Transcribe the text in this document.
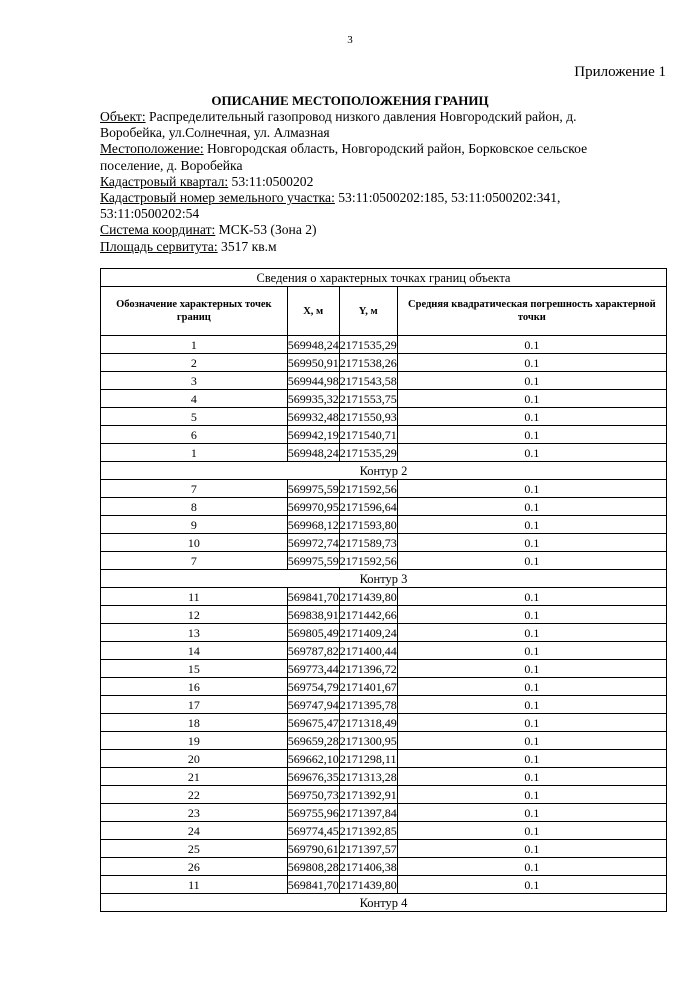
3
Приложение 1
ОПИСАНИЕ МЕСТОПОЛОЖЕНИЯ ГРАНИЦ
Объект: Распределительный газопровод низкого давления Новгородский район, д.
Воробейка, ул.Солнечная, ул. Алмазная
Местоположение: Новгородская область, Новгородский район, Борковское сельское
поселение, д. Воробейка
Кадастровый квартал: 53:11:0500202
Кадастровый номер земельного участка: 53:11:0500202:185, 53:11:0500202:341,
53:11:0500202:54
Система координат: МСК-53 (Зона 2)
Площадь сервитута: 3517 кв.м
Сведения о характерных точках границ объекта			
Обозначение характерных точек границ	X, м	Y, м	Средняя квадратическая погрешность характерной точки
1	569948,24	2171535,29	0.1
2	569950,91	2171538,26	0.1
3	569944,98	2171543,58	0.1
4	569935,32	2171553,75	0.1
5	569932,48	2171550,93	0.1
6	569942,19	2171540,71	0.1
1	569948,24	2171535,29	0.1
Контур 2			
7	569975,59	2171592,56	0.1
8	569970,95	2171596,64	0.1
9	569968,12	2171593,80	0.1
10	569972,74	2171589,73	0.1
7	569975,59	2171592,56	0.1
Контур 3			
11	569841,70	2171439,80	0.1
12	569838,91	2171442,66	0.1
13	569805,49	2171409,24	0.1
14	569787,82	2171400,44	0.1
15	569773,44	2171396,72	0.1
16	569754,79	2171401,67	0.1
17	569747,94	2171395,78	0.1
18	569675,47	2171318,49	0.1
19	569659,28	2171300,95	0.1
20	569662,10	2171298,11	0.1
21	569676,35	2171313,28	0.1
22	569750,73	2171392,91	0.1
23	569755,96	2171397,84	0.1
24	569774,45	2171392,85	0.1
25	569790,61	2171397,57	0.1
26	569808,28	2171406,38	0.1
11	569841,70	2171439,80	0.1
Контур 4			
